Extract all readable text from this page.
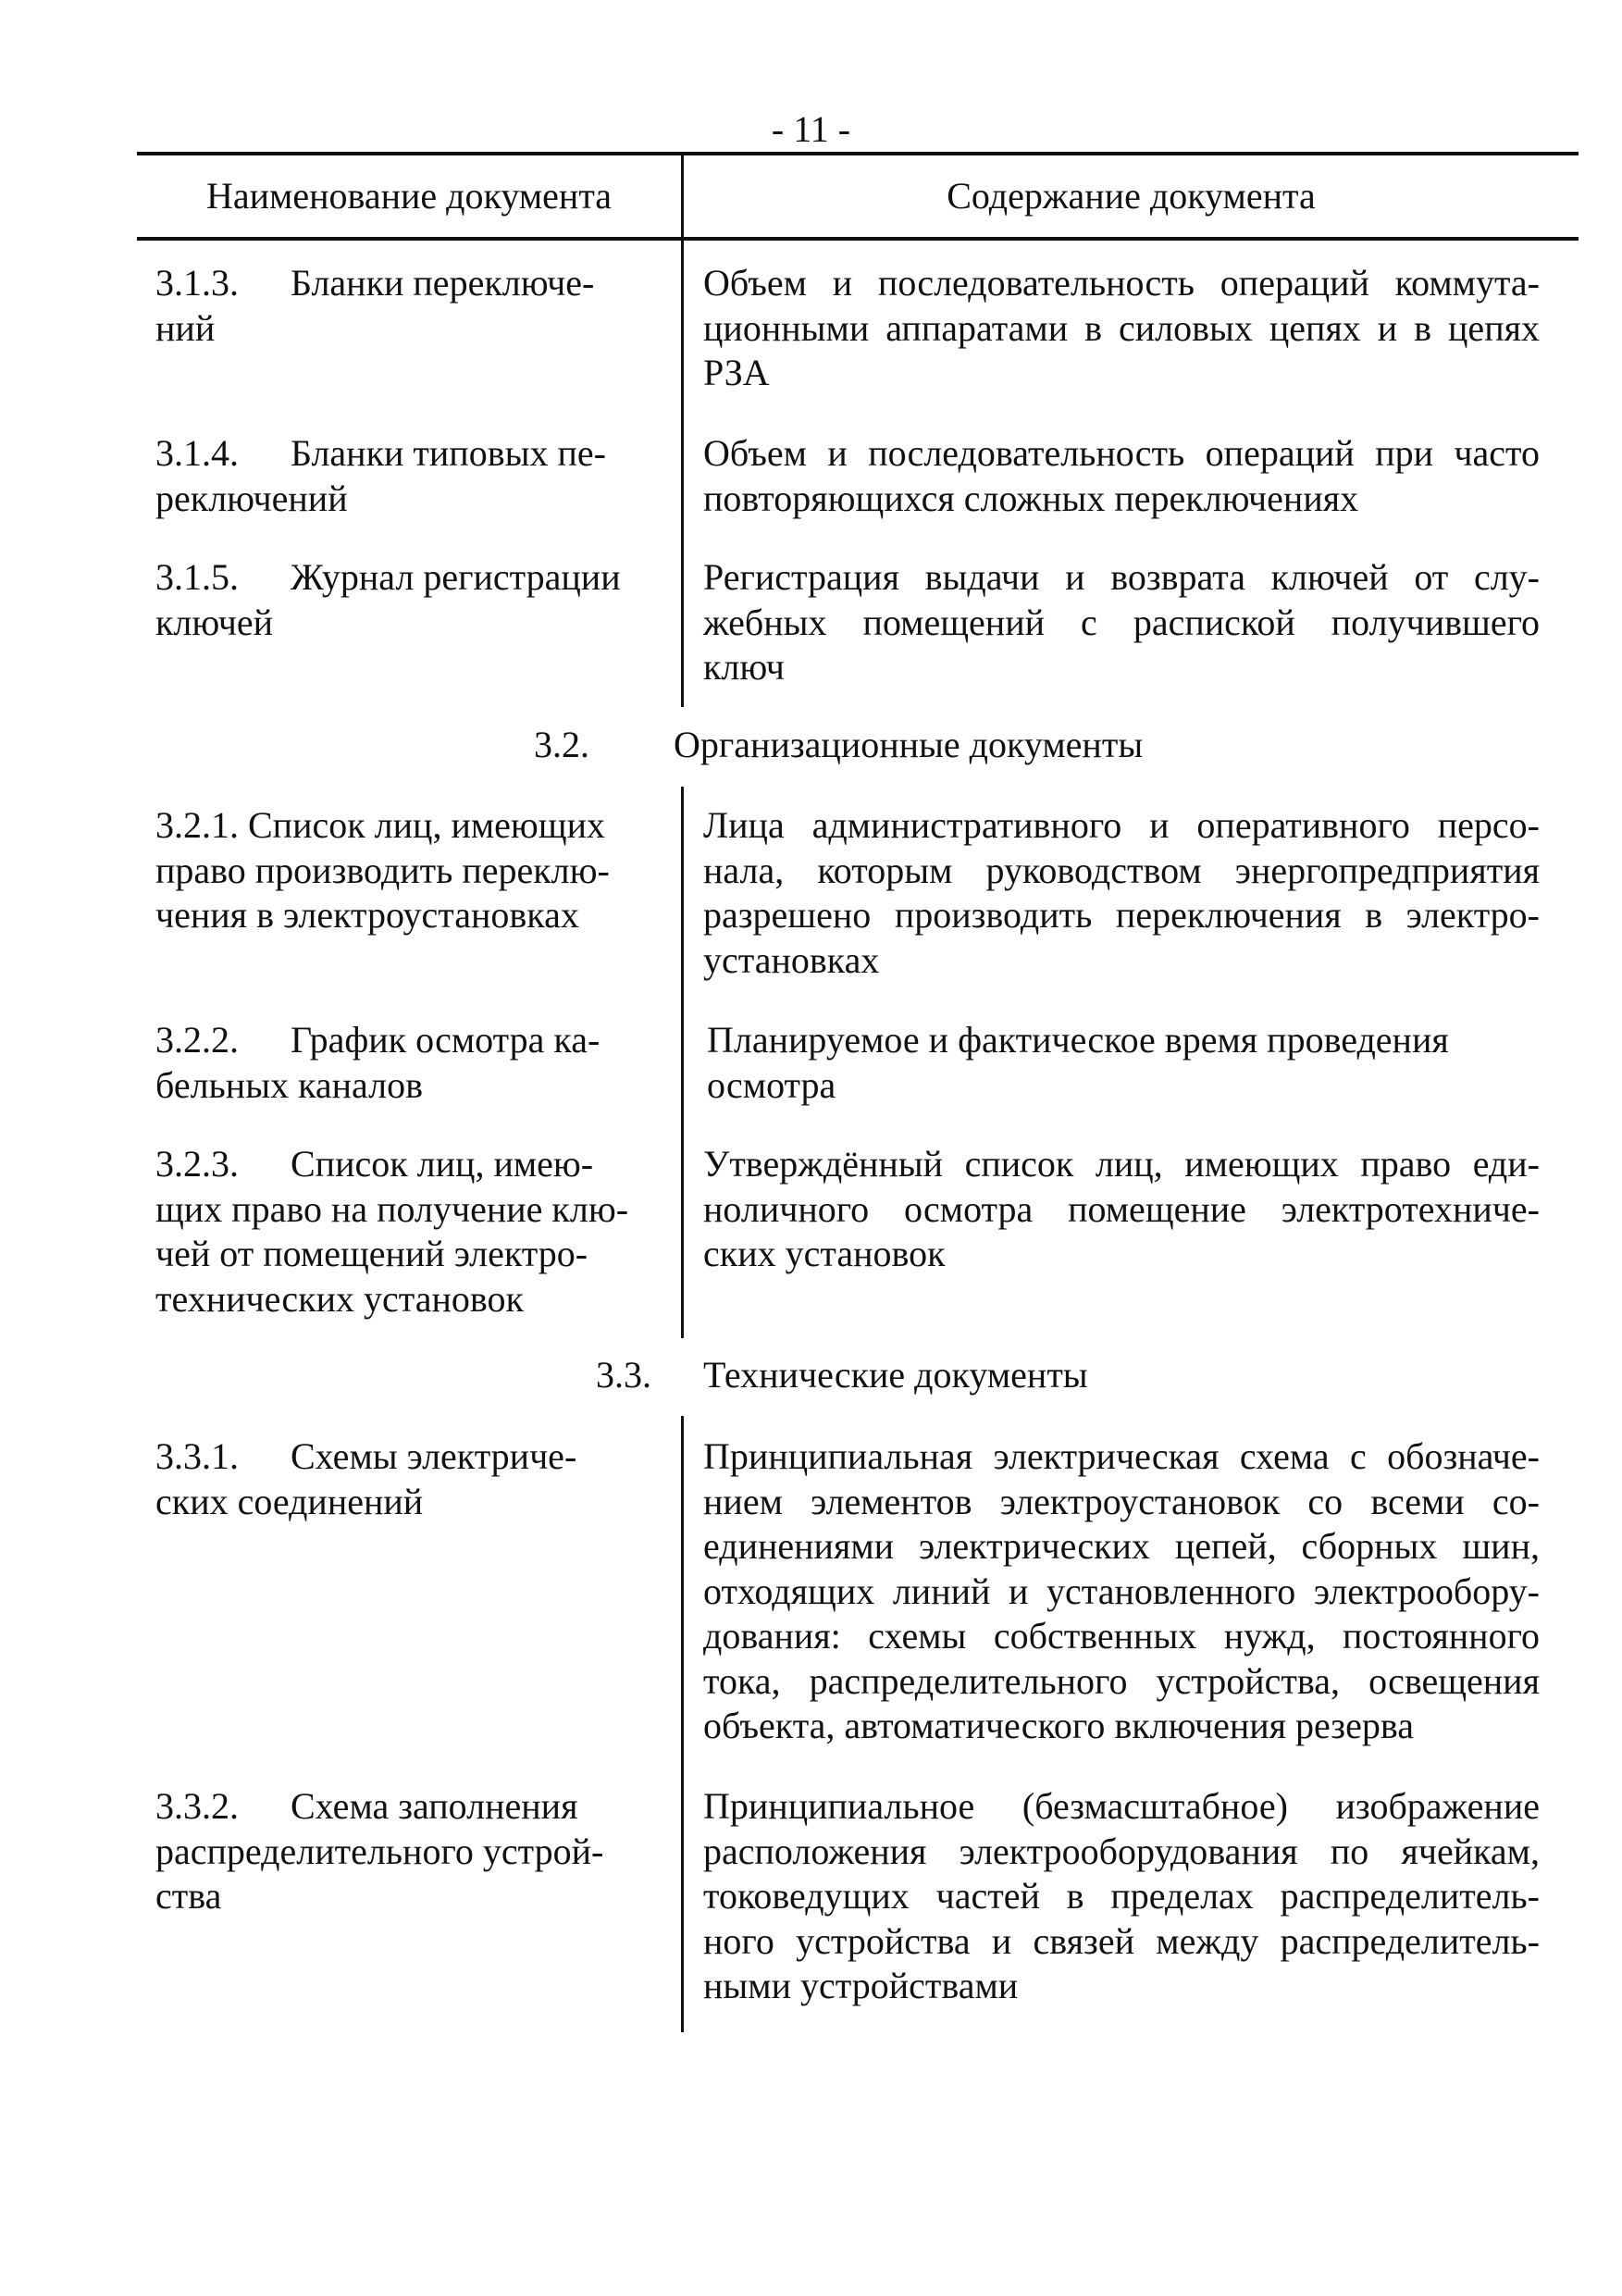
- 11 -
Наименование документа	Содержание документа
3.1.3. Бланки переключе-
ний
Объем и последовательность операций коммута-
ционными аппаратами в силовых цепях и в цепях
РЗА
3.1.4. Бланки типовых пе-
реключений
Объем и последовательность операций при часто
повторяющихся сложных переключениях
3.1.5. Журнал регистрации
ключей
Регистрация выдачи и возврата ключей от слу-
жебных помещений с распиской получившего
ключ
3.2. Организационные документы
3.2.1. Список лиц, имеющих
право производить переклю-
чения в электроустановках
Лица административного и оперативного персо-
нала, которым руководством энергопредприятия
разрешено производить переключения в электро-
установках
3.2.2. График осмотра ка-
бельных каналов
Планируемое и фактическое время проведения
осмотра
3.2.3. Список лиц, имею-
щих право на получение клю-
чей от помещений электро-
технических установок
Утверждённый список лиц, имеющих право еди-
ноличного осмотра помещение электротехниче-
ских установок
3.3. Технические документы
3.3.1. Схемы электриче-
ских соединений
Принципиальная электрическая схема с обозначе-
нием элементов электроустановок со всеми со-
единениями электрических цепей, сборных шин,
отходящих линий и установленного электрообору-
дования: схемы собственных нужд, постоянного
тока, распределительного устройства, освещения
объекта, автоматического включения резерва
3.3.2. Схема заполнения
распределительного устрой-
ства
Принципиальное (безмасштабное) изображение
расположения электрооборудования по ячейкам,
токоведущих частей в пределах распределитель-
ного устройства и связей между распределитель-
ными устройствами
